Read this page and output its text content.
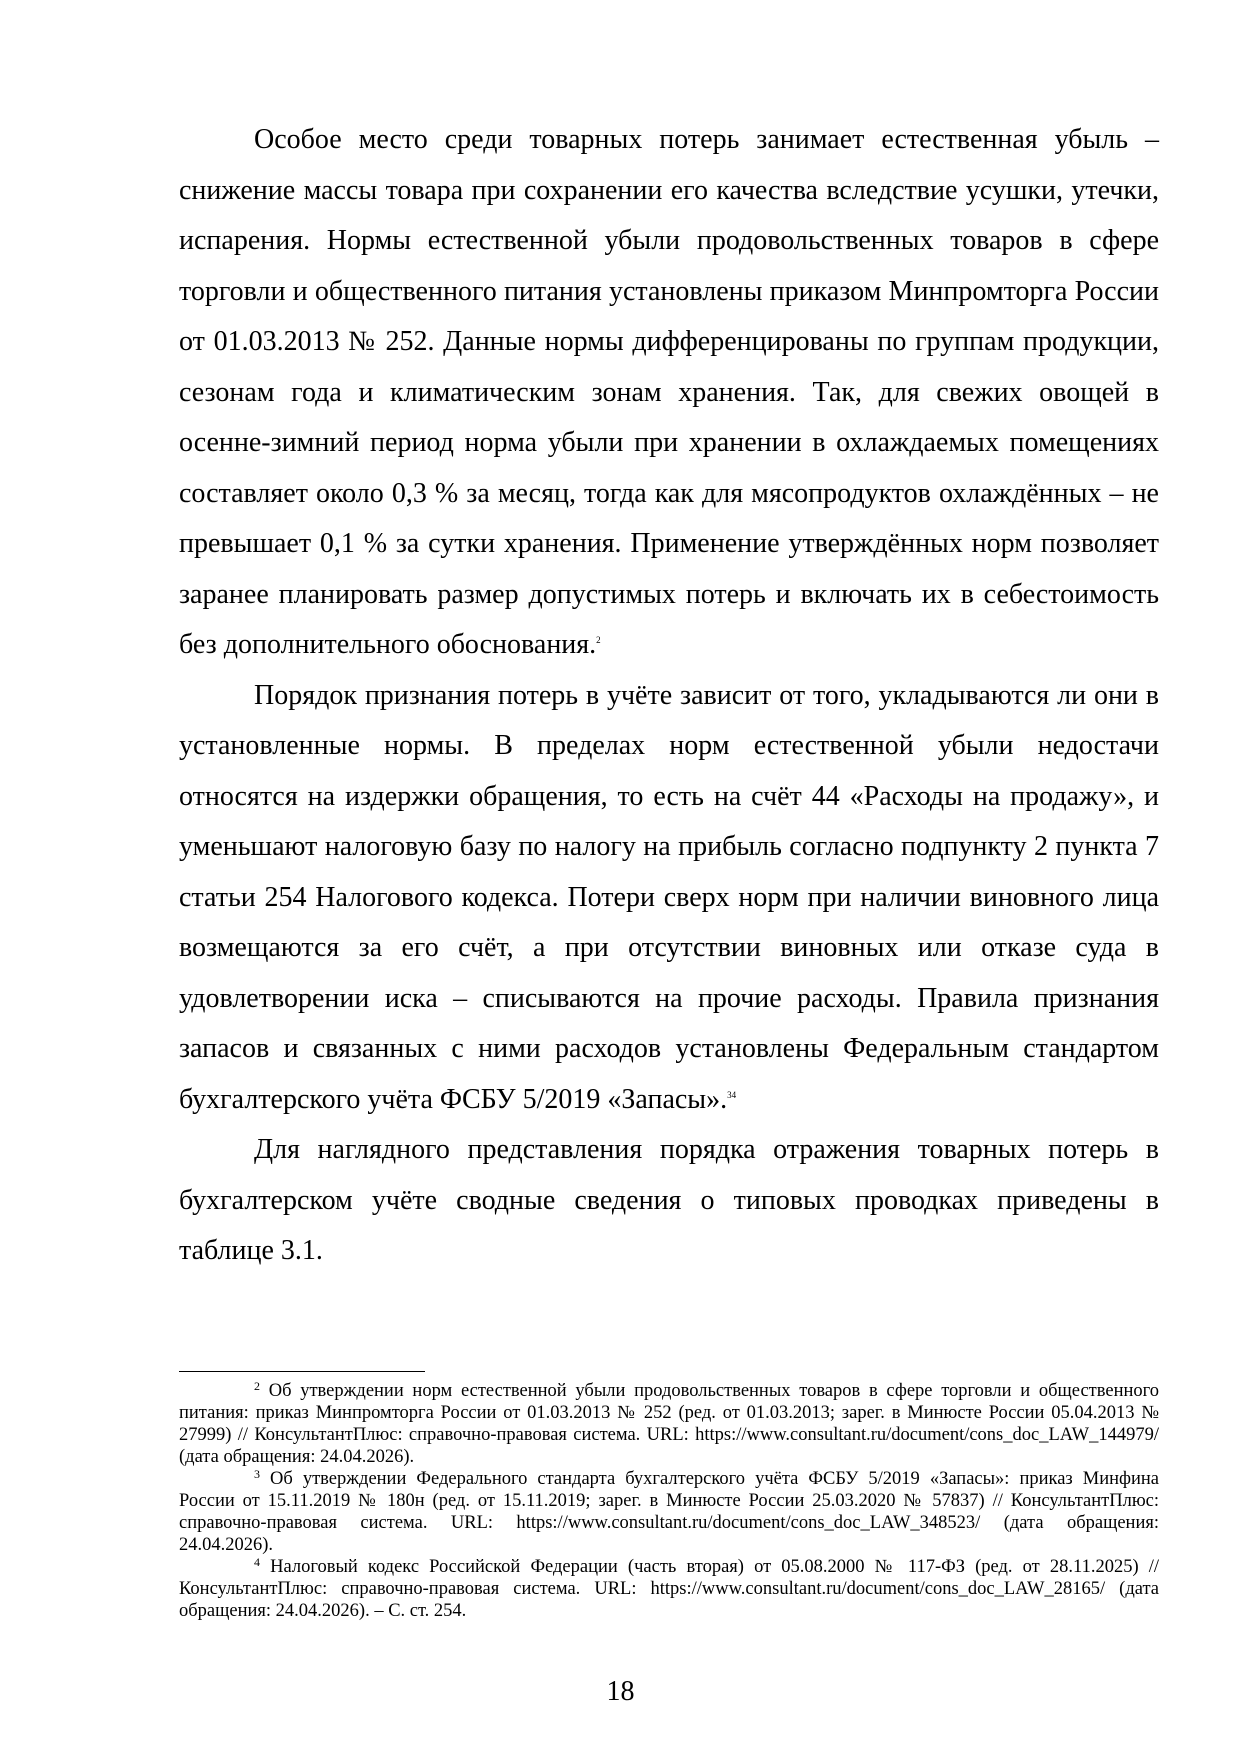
Особое место среди товарных потерь занимает естественная убыль – снижение массы товара при сохранении его качества вследствие усушки, утечки, испарения. Нормы естественной убыли продовольственных товаров в сфере торговли и общественного питания установлены приказом Минпромторга России от 01.03.2013 № 252. Данные нормы дифференцированы по группам продукции, сезонам года и климатическим зонам хранения. Так, для свежих овощей в осенне-зимний период норма убыли при хранении в охлаждаемых помещениях составляет около 0,3 % за месяц, тогда как для мясопродуктов охлаждённых – не превышает 0,1 % за сутки хранения. Применение утверждённых норм позволяет заранее планировать размер допустимых потерь и включать их в себестоимость без дополнительного обоснования.$^2$

Порядок признания потерь в учёте зависит от того, укладываются ли они в установленные нормы. В пределах норм естественной убыли недостачи относятся на издержки обращения, то есть на счёт 44 «Расходы на продажу», и уменьшают налоговую базу по налогу на прибыль согласно подпункту 2 пункта 7 статьи 254 Налогового кодекса. Потери сверх норм при наличии виновного лица возмещаются за его счёт, а при отсутствии виновных или отказе суда в удовлетворении иска – списываются на прочие расходы. Правила признания запасов и связанных с ними расходов установлены Федеральным стандартом бухгалтерского учёта ФСБУ 5/2019 «Запасы».$^{34}$

Для наглядного представления порядка отражения товарных потерь в бухгалтерском учёте сводные сведения о типовых проводках приведены в таблице 3.1.

$^2$ Об утверждении норм естественной убыли продовольственных товаров в сфере торговли и общественного питания: приказ Минпромторга России от 01.03.2013 № 252 (ред. от 01.03.2013; зарег. в Минюсте России 05.04.2013 № 27999) // КонсультантПлюс: справочно-правовая система. URL: https://www.consultant.ru/document/cons_doc_LAW_144979/ (дата обращения: 24.04.2026).

$^3$ Об утверждении Федерального стандарта бухгалтерского учёта ФСБУ 5/2019 «Запасы»: приказ Минфина России от 15.11.2019 № 180н (ред. от 15.11.2019; зарег. в Минюсте России 25.03.2020 № 57837) // КонсультантПлюс: справочно-правовая система. URL: https://www.consultant.ru/document/cons_doc_LAW_348523/ (дата обращения: 24.04.2026).

$^4$ Налоговый кодекс Российской Федерации (часть вторая) от 05.08.2000 № 117-ФЗ (ред. от 28.11.2025) // КонсультантПлюс: справочно-правовая система. URL: https://www.consultant.ru/document/cons_doc_LAW_28165/ (дата обращения: 24.04.2026). – С. ст. 254.

18
